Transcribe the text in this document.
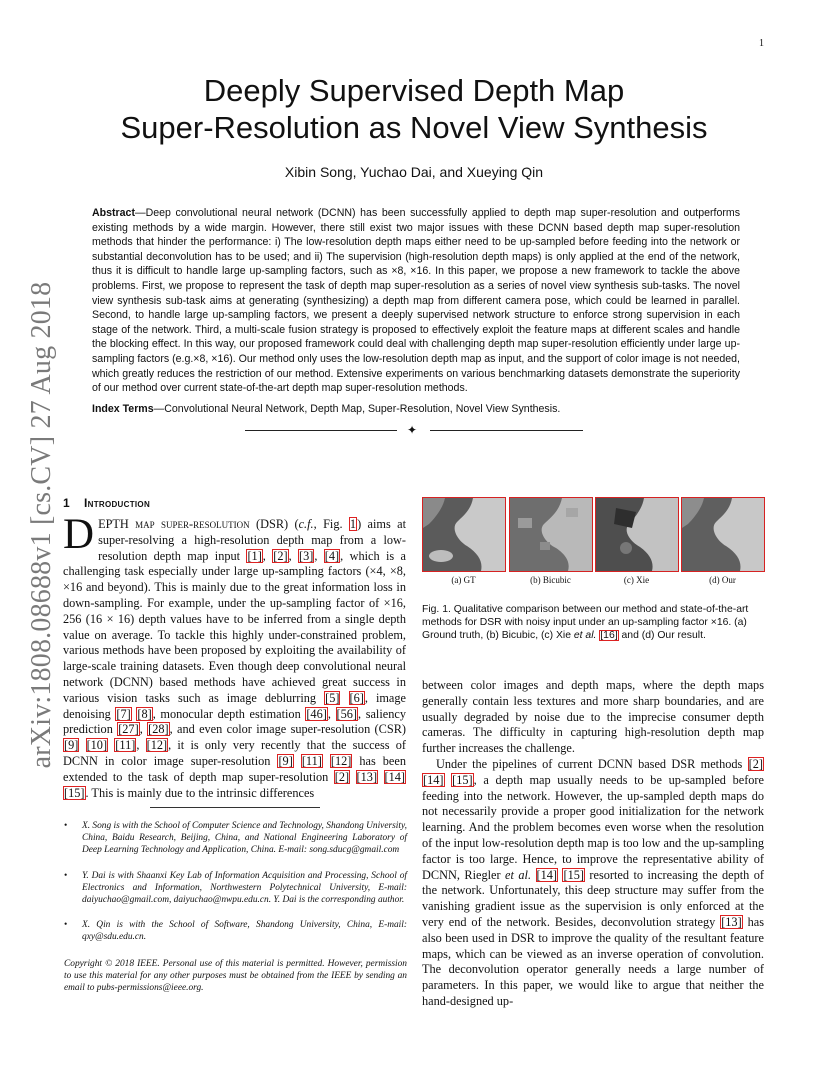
1
arXiv:1808.08688v1 [cs.CV] 27 Aug 2018
Deeply Supervised Depth Map
Super-Resolution as Novel View Synthesis
Xibin Song, Yuchao Dai, and Xueying Qin
Abstract—Deep convolutional neural network (DCNN) has been successfully applied to depth map super-resolution and outperforms existing methods by a wide margin. However, there still exist two major issues with these DCNN based depth map super-resolution methods that hinder the performance: i) The low-resolution depth maps either need to be up-sampled before feeding into the network or substantial deconvolution has to be used; and ii) The supervision (high-resolution depth maps) is only applied at the end of the network, thus it is difficult to handle large up-sampling factors, such as ×8, ×16. In this paper, we propose a new framework to tackle the above problems. First, we propose to represent the task of depth map super-resolution as a series of novel view synthesis sub-tasks. The novel view synthesis sub-task aims at generating (synthesizing) a depth map from different camera pose, which could be learned in parallel. Second, to handle large up-sampling factors, we present a deeply supervised network structure to enforce strong supervision in each stage of the network. Third, a multi-scale fusion strategy is proposed to effectively exploit the feature maps at different scales and handle the blocking effect. In this way, our proposed framework could deal with challenging depth map super-resolution efficiently under large up-sampling factors (e.g.×8, ×16). Our method only uses the low-resolution depth map as input, and the support of color image is not needed, which greatly reduces the restriction of our method. Extensive experiments on various benchmarking datasets demonstrate the superiority of our method over current state-of-the-art depth map super-resolution methods.
Index Terms—Convolutional Neural Network, Depth Map, Super-Resolution, Novel View Synthesis.
✦
1 Introduction

DEPTH map super-resolution (DSR) (c.f., Fig. 1) aims at super-resolving a high-resolution depth map from a low-resolution depth map input [1], [2], [3], [4], which is a challenging task especially under large up-sampling factors (×4, ×8, ×16 and beyond). This is mainly due to the great information loss in down-sampling. For example, under the up-sampling factor of ×16, 256 (16 × 16) depth values have to be inferred from a single depth value on average. To tackle this highly under-constrained problem, various methods have been proposed by exploiting the availability of large-scale training datasets. Even though deep convolutional neural network (DCNN) based methods have achieved great success in various vision tasks such as image deblurring [5] [6], image denoising [7] [8], monocular depth estimation [46], [56], saliency prediction [27], [28], and even color image super-resolution (CSR) [9] [10] [11], [12], it is only very recently that the success of DCNN in color image super-resolution [9] [11] [12] has been extended to the task of depth map super-resolution [2] [13] [14] [15]. This is mainly due to the intrinsic differences

• X. Song is with the School of Computer Science and Technology, Shandong University, China, Baidu Research, Beijing, China, and National Engineering Laboratory of Deep Learning Technology and Application, China. E-mail: song.sducg@gmail.com
• Y. Dai is with Shaanxi Key Lab of Information Acquisition and Processing, School of Electronics and Information, Northwestern Polytechnical University, E-mail: daiyuchao@gmail.com, daiyuchao@nwpu.edu.cn. Y. Dai is the corresponding author.
• X. Qin is with the School of Software, Shandong University, China, E-mail: qxy@sdu.edu.cn.
Copyright © 2018 IEEE. Personal use of this material is permitted. However, permission to use this material for any other purposes must be obtained from the IEEE by sending an email to pubs-permissions@ieee.org.
(a) GT	(b) Bicubic	(c) Xie	(d) Our
Fig. 1. Qualitative comparison between our method and state-of-the-art methods for DSR with noisy input under an up-sampling factor ×16. (a) Ground truth, (b) Bicubic, (c) Xie et al. [16] and (d) Our result.

between color images and depth maps, where the depth maps generally contain less textures and more sharp boundaries, and are usually degraded by noise due to the imprecise consumer depth cameras. The difficulty in capturing high-resolution depth map further increases the challenge.

Under the pipelines of current DCNN based DSR methods [2] [14] [15], a depth map usually needs to be up-sampled before feeding into the network. However, the up-sampled depth maps do not necessarily provide a proper good initialization for the network learning. And the problem becomes even worse when the resolution of the input low-resolution depth map is too low and the up-sampling factor is too large. Hence, to improve the representative ability of DCNN, Riegler et al. [14] [15] resorted to increasing the depth of the network. Unfortunately, this deep structure may suffer from the vanishing gradient issue as the supervision is only enforced at the very end of the network. Besides, deconvolution strategy [13] has also been used in DSR to improve the quality of the resultant feature maps, which can be viewed as an inverse operation of convolution. The deconvolution operator generally needs a large number of parameters. In this paper, we would like to argue that neither the hand-designed up-
